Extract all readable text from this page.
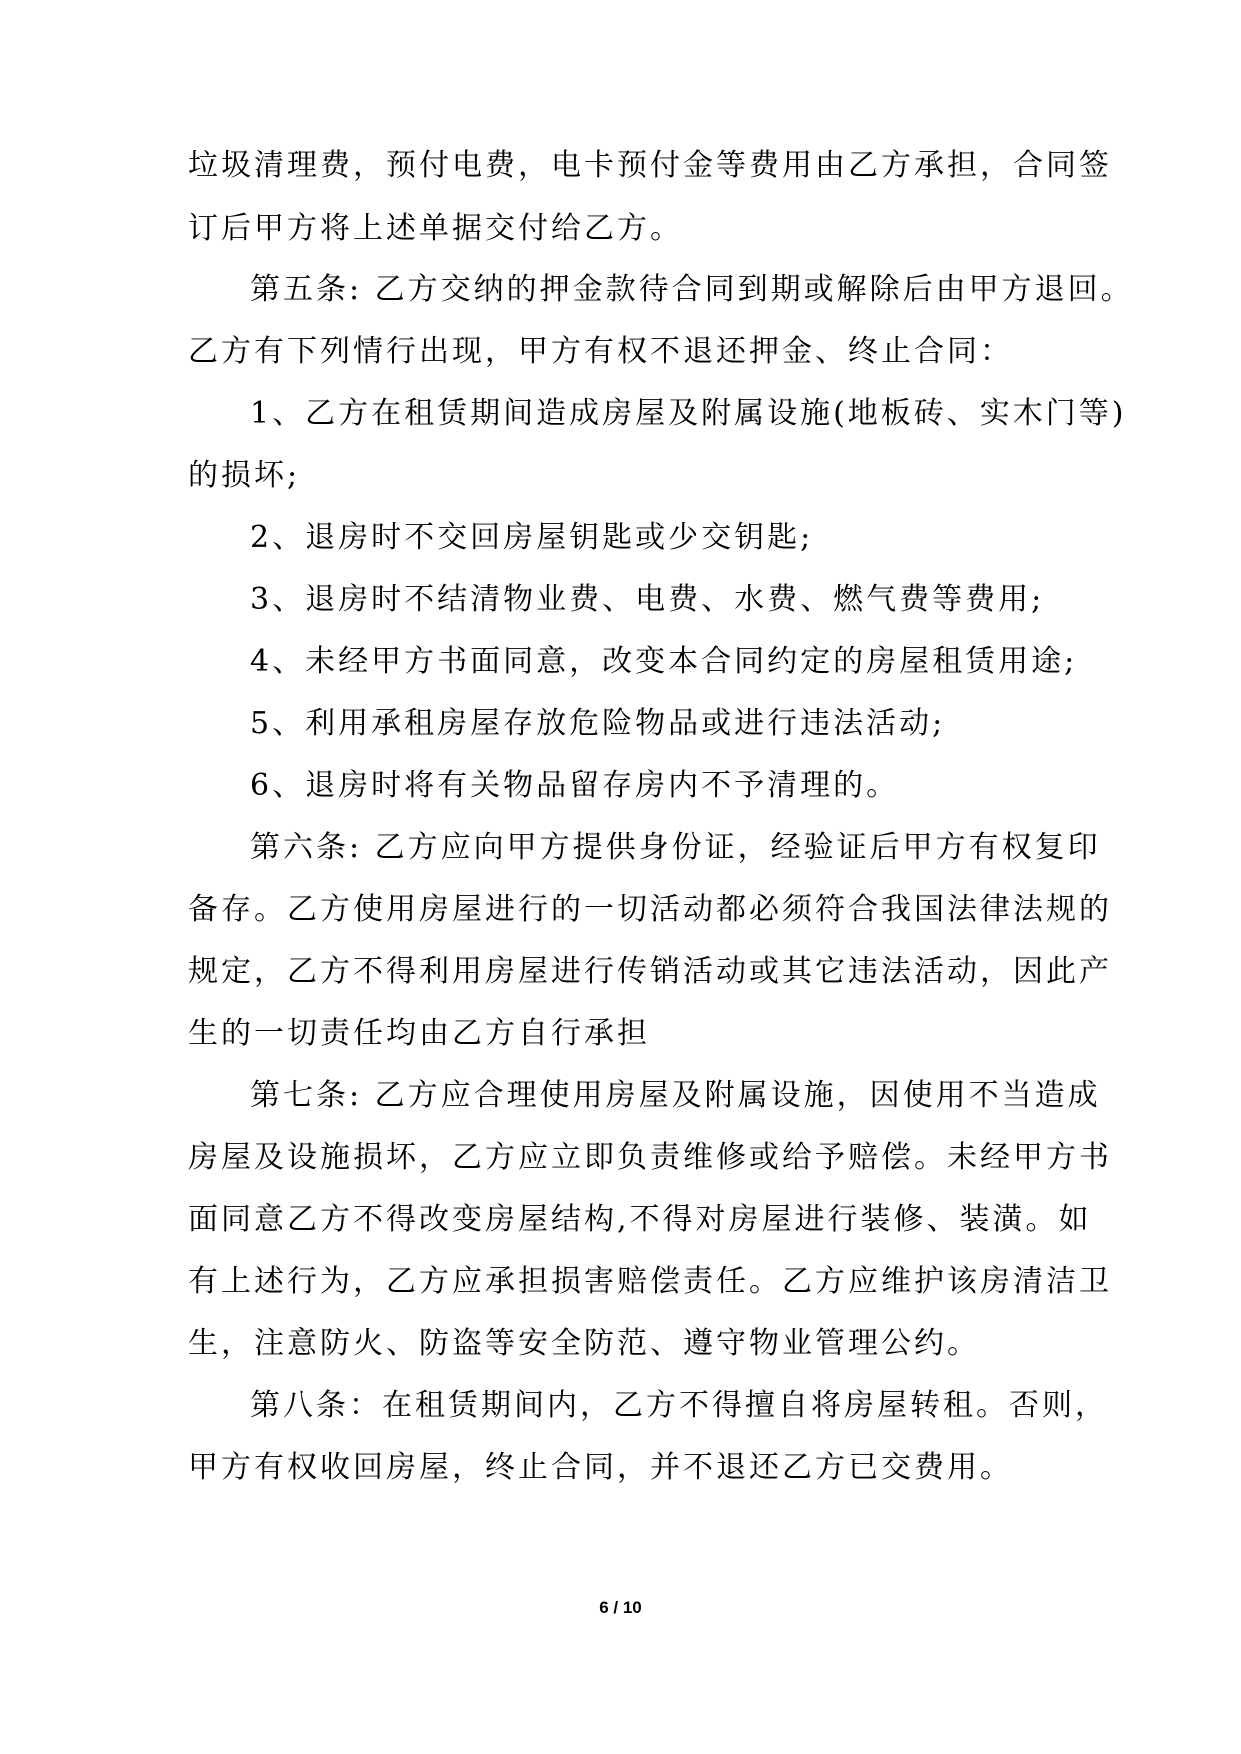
垃圾清理费，预付电费，电卡预付金等费用由乙方承担，合同签
订后甲方将上述单据交付给乙方。
第五条: 乙方交纳的押金款待合同到期或解除后由甲方退回。
乙方有下列情行出现，甲方有权不退还押金、终止合同：
1、乙方在租赁期间造成房屋及附属设施(地板砖、实木门等)
的损坏;
2、退房时不交回房屋钥匙或少交钥匙;
3、退房时不结清物业费、电费、水费、燃气费等费用;
4、未经甲方书面同意，改变本合同约定的房屋租赁用途;
5、利用承租房屋存放危险物品或进行违法活动;
6、退房时将有关物品留存房内不予清理的。
第六条: 乙方应向甲方提供身份证，经验证后甲方有权复印
备存。乙方使用房屋进行的一切活动都必须符合我国法律法规的
规定，乙方不得利用房屋进行传销活动或其它违法活动，因此产
生的一切责任均由乙方自行承担
第七条: 乙方应合理使用房屋及附属设施，因使用不当造成
房屋及设施损坏，乙方应立即负责维修或给予赔偿。未经甲方书
面同意乙方不得改变房屋结构,不得对房屋进行装修、装潢。如
有上述行为，乙方应承担损害赔偿责任。乙方应维护该房清洁卫
生，注意防火、防盗等安全防范、遵守物业管理公约。
第八条：在租赁期间内，乙方不得擅自将房屋转租。否则，
甲方有权收回房屋，终止合同，并不退还乙方已交费用。
6 / 10
